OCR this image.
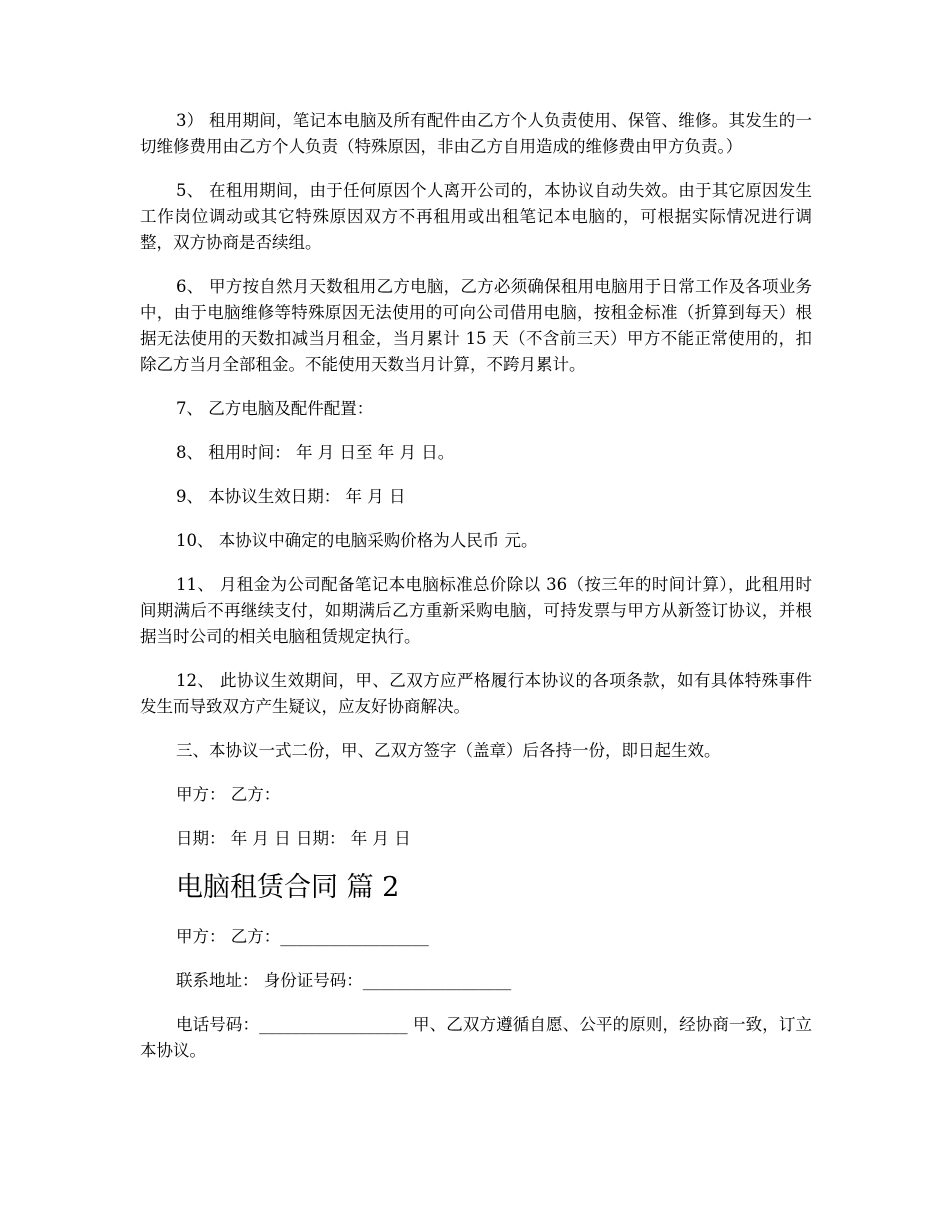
3） 租用期间，笔记本电脑及所有配件由乙方个人负责使用、保管、维修。其发生的一切维修费用由乙方个人负责（特殊原因，非由乙方自用造成的维修费由甲方负责。）

5、 在租用期间，由于任何原因个人离开公司的，本协议自动失效。由于其它原因发生工作岗位调动或其它特殊原因双方不再租用或出租笔记本电脑的，可根据实际情况进行调整，双方协商是否续组。

6、 甲方按自然月天数租用乙方电脑，乙方必须确保租用电脑用于日常工作及各项业务中，由于电脑维修等特殊原因无法使用的可向公司借用电脑，按租金标准（折算到每天）根据无法使用的天数扣减当月租金，当月累计 15 天（不含前三天）甲方不能正常使用的，扣除乙方当月全部租金。不能使用天数当月计算，不跨月累计。

7、 乙方电脑及配件配置：

8、 租用时间： 年 月 日至 年 月 日。

9、 本协议生效日期： 年 月 日

10、 本协议中确定的电脑采购价格为人民币 元。

11、 月租金为公司配备笔记本电脑标准总价除以 36（按三年的时间计算），此租用时间期满后不再继续支付，如期满后乙方重新采购电脑，可持发票与甲方从新签订协议，并根据当时公司的相关电脑租赁规定执行。

12、 此协议生效期间，甲、乙双方应严格履行本协议的各项条款，如有具体特殊事件发生而导致双方产生疑议，应友好协商解决。

三、本协议一式二份，甲、乙双方签字（盖章）后各持一份，即日起生效。

甲方： 乙方：

日期： 年 月 日 日期： 年 月 日

电脑租赁合同 篇 2

甲方： 乙方：__________________

联系地址： 身份证号码：__________________

电话号码：__________________ 甲、乙双方遵循自愿、公平的原则，经协商一致，订立本协议。
